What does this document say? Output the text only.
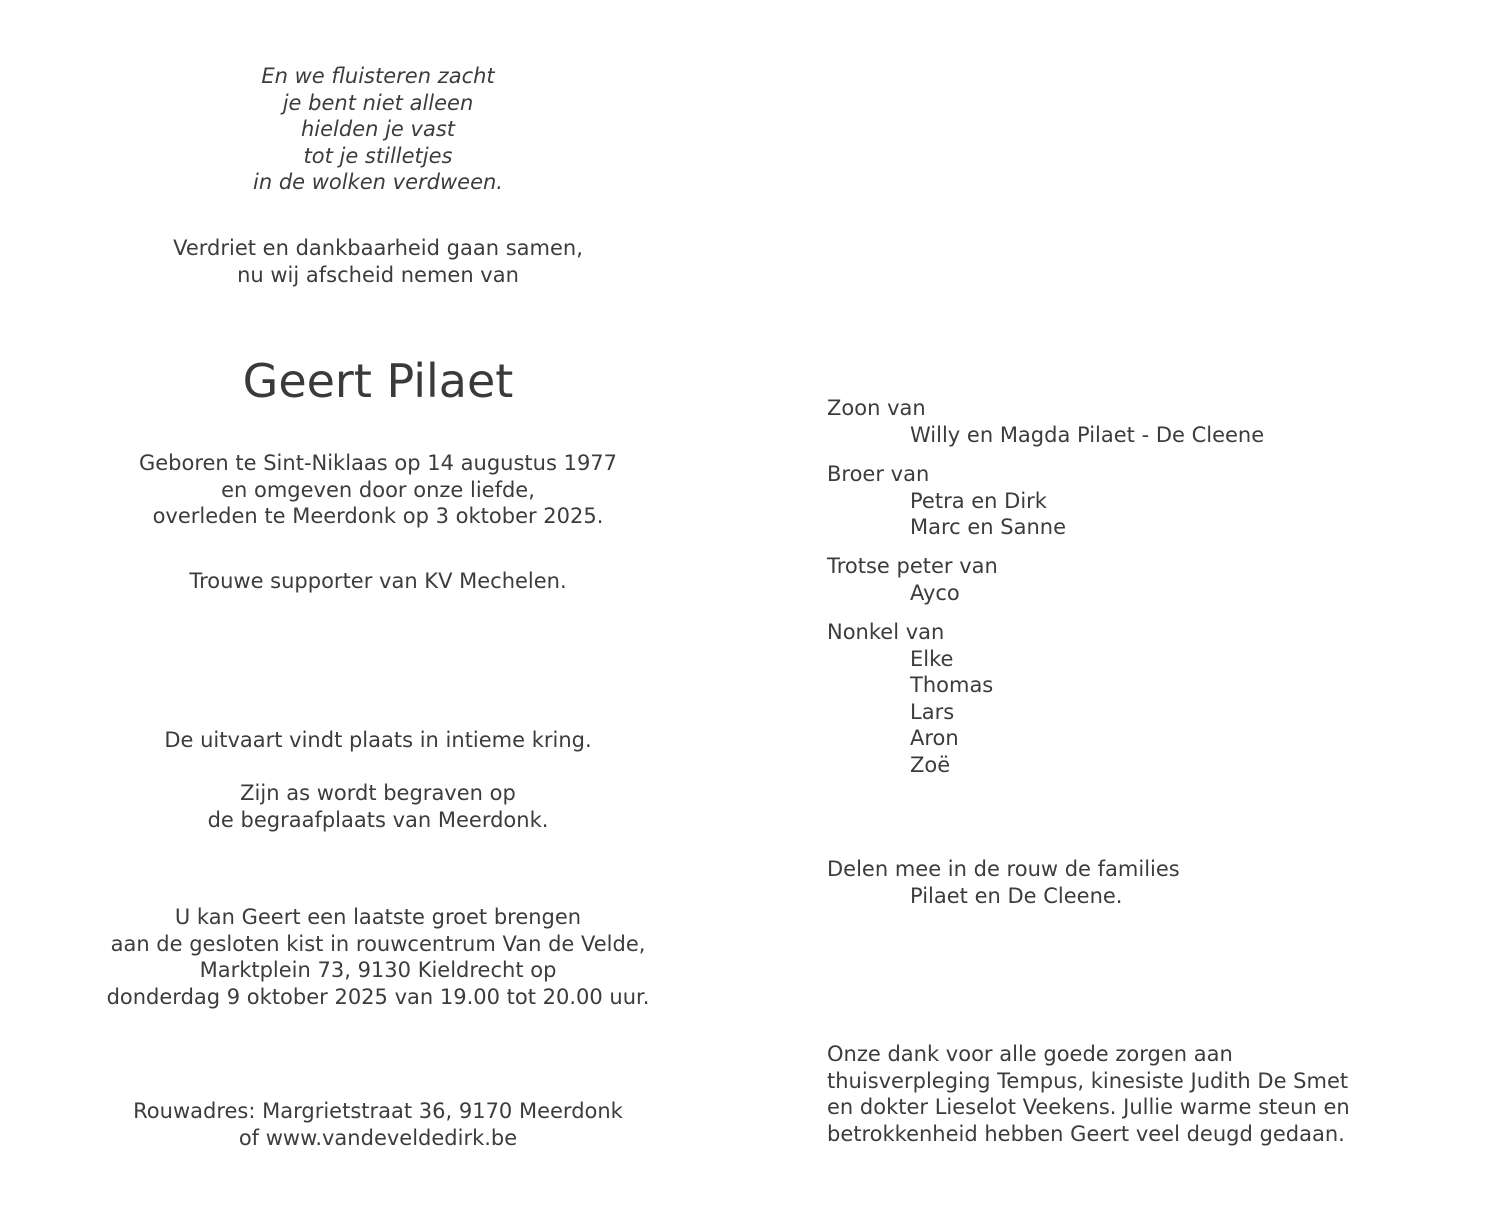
En we fluisteren zacht
je bent niet alleen
hielden je vast
tot je stilletjes
in de wolken verdween.
Verdriet en dankbaarheid gaan samen,
nu wij afscheid nemen van
Geert Pilaet
Geboren te Sint-Niklaas op 14 augustus 1977
en omgeven door onze liefde,
overleden te Meerdonk op 3 oktober 2025.
Trouwe supporter van KV Mechelen.
De uitvaart vindt plaats in intieme kring.
Zijn as wordt begraven op
de begraafplaats van Meerdonk.
U kan Geert een laatste groet brengen
aan de gesloten kist in rouwcentrum Van de Velde,
Marktplein 73, 9130 Kieldrecht op
donderdag 9 oktober 2025 van 19.00 tot 20.00 uur.
Rouwadres: Margrietstraat 36, 9170 Meerdonk
of www.vandeveldedirk.be
Zoon van
Willy en Magda Pilaet - De Cleene
Broer van
Petra en Dirk
Marc en Sanne
Trotse peter van
Ayco
Nonkel van
Elke
Thomas
Lars
Aron
Zoë
Delen mee in de rouw de families
Pilaet en De Cleene.
Onze dank voor alle goede zorgen aan
thuisverpleging Tempus, kinesiste Judith De Smet
en dokter Lieselot Veekens. Jullie warme steun en
betrokkenheid hebben Geert veel deugd gedaan.
